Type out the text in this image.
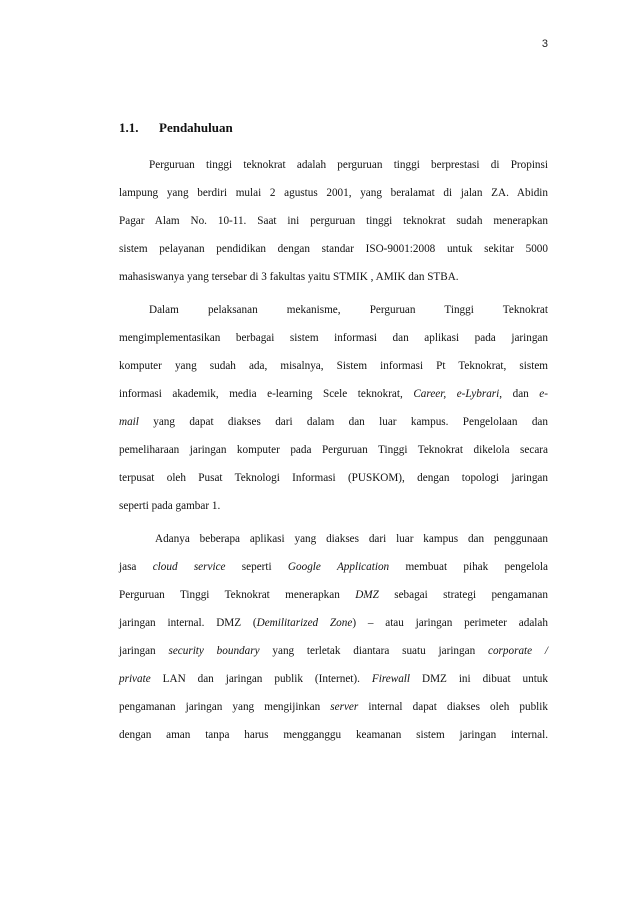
3
1.1. Pendahuluan
Perguruan tinggi teknokrat adalah perguruan tinggi berprestasi di Propinsi
lampung yang berdiri mulai 2 agustus 2001, yang beralamat di jalan ZA. Abidin
Pagar Alam No. 10-11. Saat ini perguruan tinggi teknokrat sudah menerapkan
sistem pelayanan pendidikan dengan standar ISO-9001:2008 untuk sekitar 5000
mahasiswanya yang tersebar di 3 fakultas yaitu STMIK , AMIK dan STBA.
Dalam pelaksanan mekanisme, Perguruan Tinggi Teknokrat
mengimplementasikan berbagai sistem informasi dan aplikasi pada jaringan
komputer yang sudah ada, misalnya, Sistem informasi Pt Teknokrat, sistem
informasi akademik, media e-learning Scele teknokrat, Career, e-Lybrari, dan e-
mail yang dapat diakses dari dalam dan luar kampus. Pengelolaan dan
pemeliharaan jaringan komputer pada Perguruan Tinggi Teknokrat dikelola secara
terpusat oleh Pusat Teknologi Informasi (PUSKOM), dengan topologi jaringan
seperti pada gambar 1.
Adanya beberapa aplikasi yang diakses dari luar kampus dan penggunaan
jasa cloud service seperti Google Application membuat pihak pengelola
Perguruan Tinggi Teknokrat menerapkan DMZ sebagai strategi pengamanan
jaringan internal. DMZ (Demilitarized Zone) – atau jaringan perimeter adalah
jaringan security boundary yang terletak diantara suatu jaringan corporate /
private LAN dan jaringan publik (Internet). Firewall DMZ ini dibuat untuk
pengamanan jaringan yang mengijinkan server internal dapat diakses oleh publik
dengan aman tanpa harus mengganggu keamanan sistem jaringan internal.
